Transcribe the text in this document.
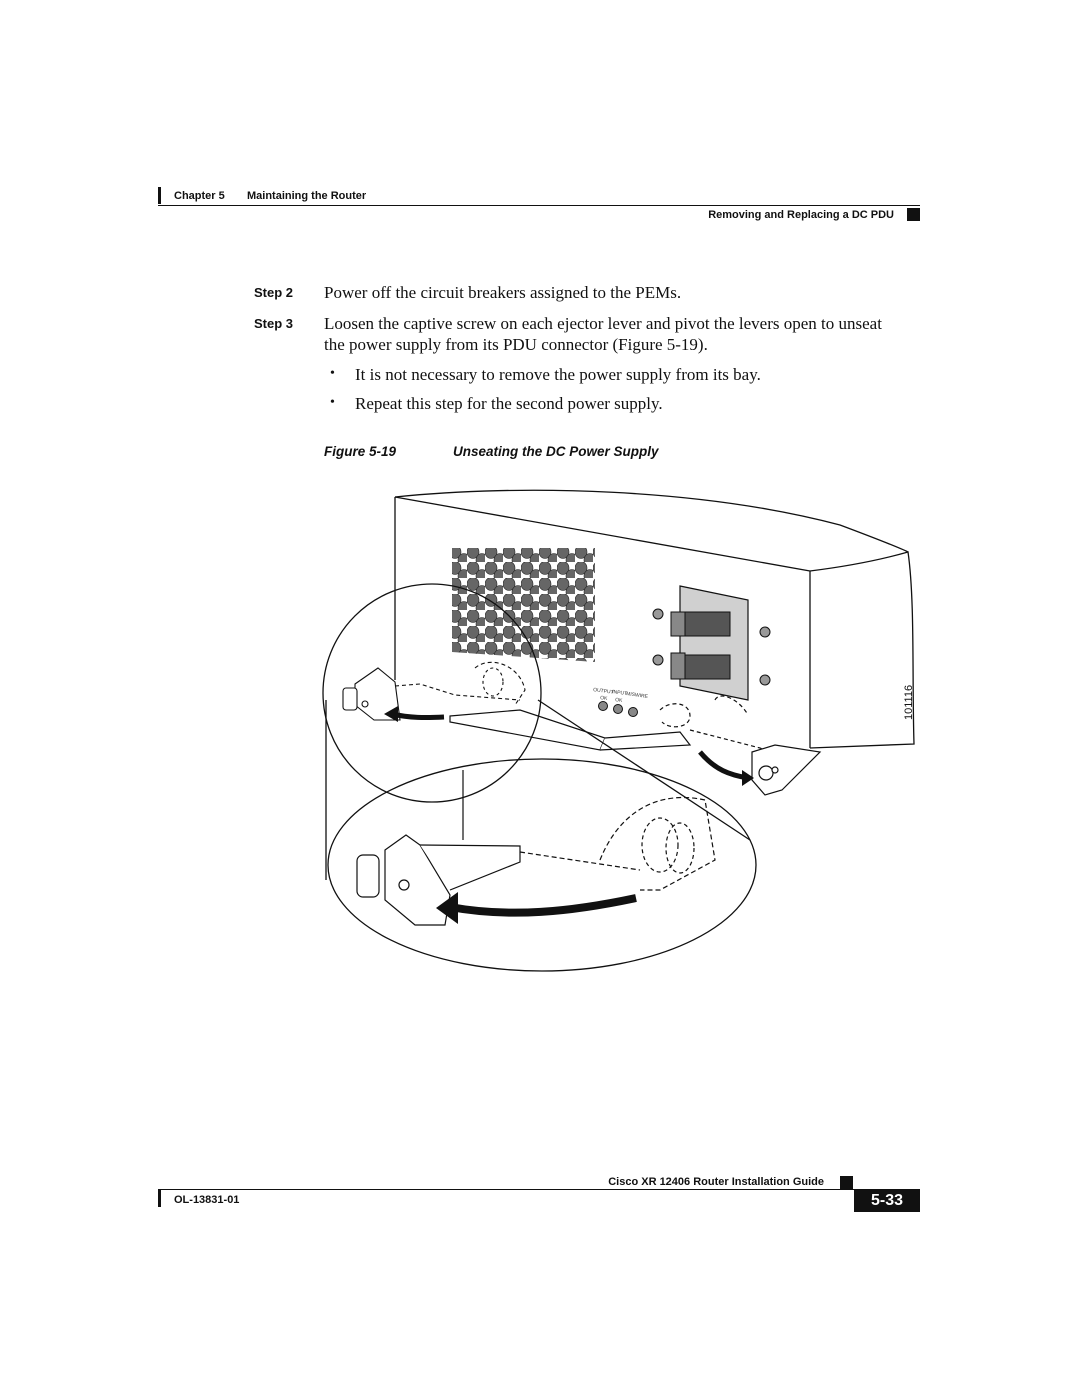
Chapter 5 Maintaining the Router
Removing and Replacing a DC PDU
Step 2 Power off the circuit breakers assigned to the PEMs.
Step 3 Loosen the captive screw on each ejector lever and pivot the levers open to unseat
the power supply from its PDU connector (Figure 5-19).
• It is not necessary to remove the power supply from its bay.
• Repeat this step for the second power supply.
Figure 5-19	Unseating the DC Power Supply
OUTPUT
INPUT
MISWIRE
OK OK	101116
Cisco XR 12406 Router Installation Guide
OL-13831-01	5-33
